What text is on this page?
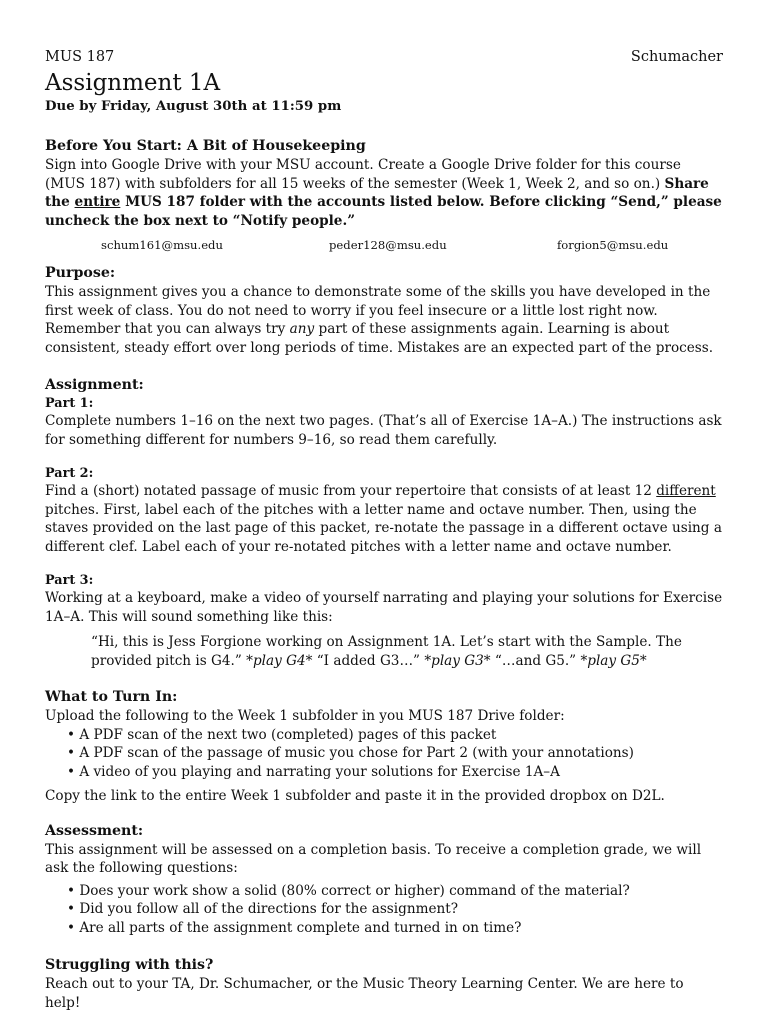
MUS 187	Schumacher
Assignment 1A
Due by Friday, August 30th at 11:59 pm
Before You Start: A Bit of Housekeeping
Sign into Google Drive with your MSU account. Create a Google Drive folder for this course (MUS 187) with subfolders for all 15 weeks of the semester (Week 1, Week 2, and so on.) Share the entire MUS 187 folder with the accounts listed below. Before clicking “Send,” please uncheck the box next to “Notify people.”
schum161@msu.edu	peder128@msu.edu	forgion5@msu.edu
Purpose:
This assignment gives you a chance to demonstrate some of the skills you have developed in the first week of class. You do not need to worry if you feel insecure or a little lost right now. Remember that you can always try any part of these assignments again. Learning is about consistent, steady effort over long periods of time. Mistakes are an expected part of the process.
Assignment:
Part 1:
Complete numbers 1–16 on the next two pages. (That’s all of Exercise 1A–A.) The instructions ask for something different for numbers 9–16, so read them carefully.
Part 2:
Find a (short) notated passage of music from your repertoire that consists of at least 12 different pitches. First, label each of the pitches with a letter name and octave number. Then, using the staves provided on the last page of this packet, re-notate the passage in a different octave using a different clef. Label each of your re-notated pitches with a letter name and octave number.
Part 3:
Working at a keyboard, make a video of yourself narrating and playing your solutions for Exercise 1A–A. This will sound something like this:
“Hi, this is Jess Forgione working on Assignment 1A. Let’s start with the Sample. The provided pitch is G4.” *play G4* “I added G3…” *play G3* “…and G5.” *play G5*
What to Turn In:
Upload the following to the Week 1 subfolder in you MUS 187 Drive folder:
• A PDF scan of the next two (completed) pages of this packet
• A PDF scan of the passage of music you chose for Part 2 (with your annotations)
• A video of you playing and narrating your solutions for Exercise 1A–A
Copy the link to the entire Week 1 subfolder and paste it in the provided dropbox on D2L.
Assessment:
This assignment will be assessed on a completion basis. To receive a completion grade, we will ask the following questions:
• Does your work show a solid (80% correct or higher) command of the material?
• Did you follow all of the directions for the assignment?
• Are all parts of the assignment complete and turned in on time?
Struggling with this?
Reach out to your TA, Dr. Schumacher, or the Music Theory Learning Center. We are here to help!
